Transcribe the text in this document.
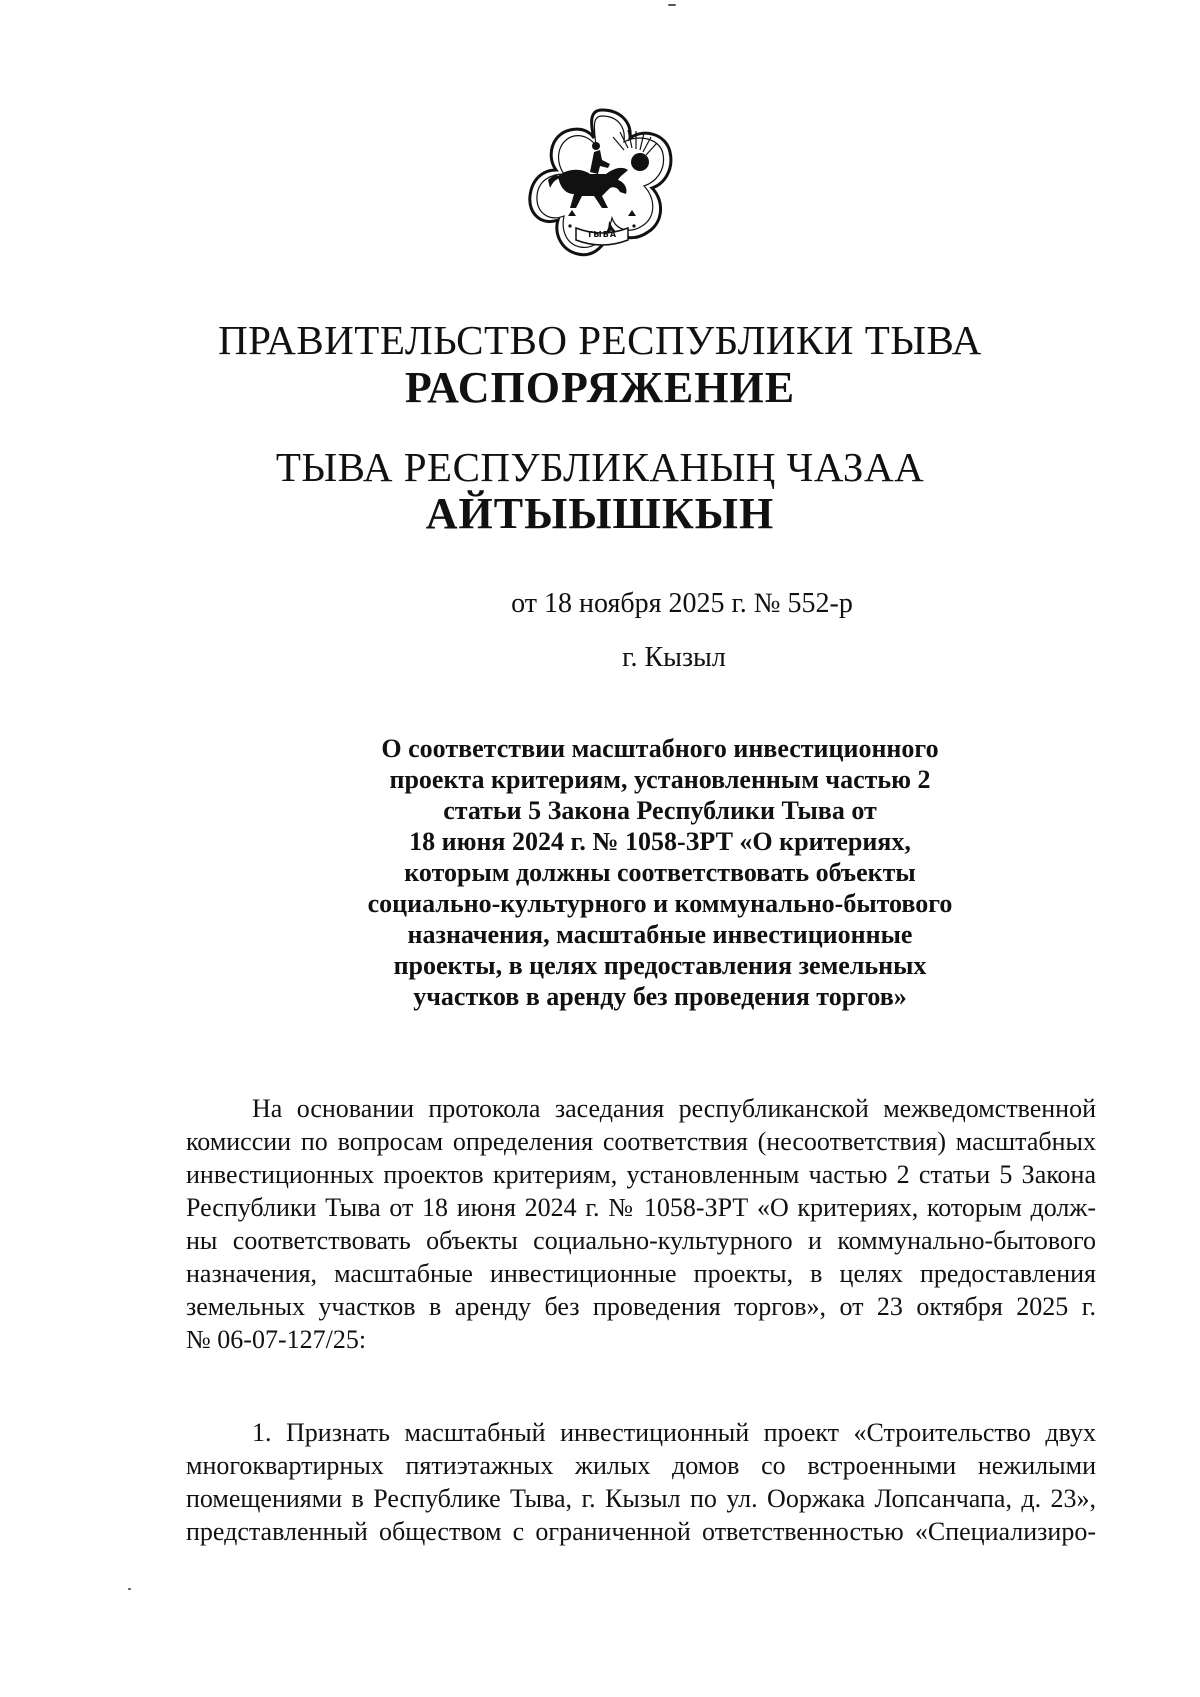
ТЫВА
ПРАВИТЕЛЬСТВО РЕСПУБЛИКИ ТЫВА
РАСПОРЯЖЕНИЕ
ТЫВА РЕСПУБЛИКАНЫҢ ЧАЗАА
АЙТЫЫШКЫН
от 18 ноября 2025 г. № 552-р
г. Кызыл
О соответствии масштабного инвестиционного
проекта критериям, установленным частью 2
статьи 5 Закона Республики Тыва от
18 июня 2024 г. № 1058-ЗРТ «О критериях,
которым должны соответствовать объекты
социально-культурного и коммунально-бытового
назначения, масштабные инвестиционные
проекты, в целях предоставления земельных
участков в аренду без проведения торгов»
На основании протокола заседания республиканской межведомственной
комиссии по вопросам определения соответствия (несоответствия) масштабных
инвестиционных проектов критериям, установленным частью 2 статьи 5 Закона
Республики Тыва от 18 июня 2024 г. № 1058-ЗРТ «О критериях, которым долж-
ны соответствовать объекты социально-культурного и коммунально-бытового
назначения, масштабные инвестиционные проекты, в целях предоставления
земельных участков в аренду без проведения торгов», от 23 октября 2025 г.
№ 06-07-127/25:
1. Признать масштабный инвестиционный проект «Строительство двух
многоквартирных пятиэтажных жилых домов со встроенными нежилыми
помещениями в Республике Тыва, г. Кызыл по ул. Ооржака Лопсанчапа, д. 23»,
представленный обществом с ограниченной ответственностью «Специализиро-
